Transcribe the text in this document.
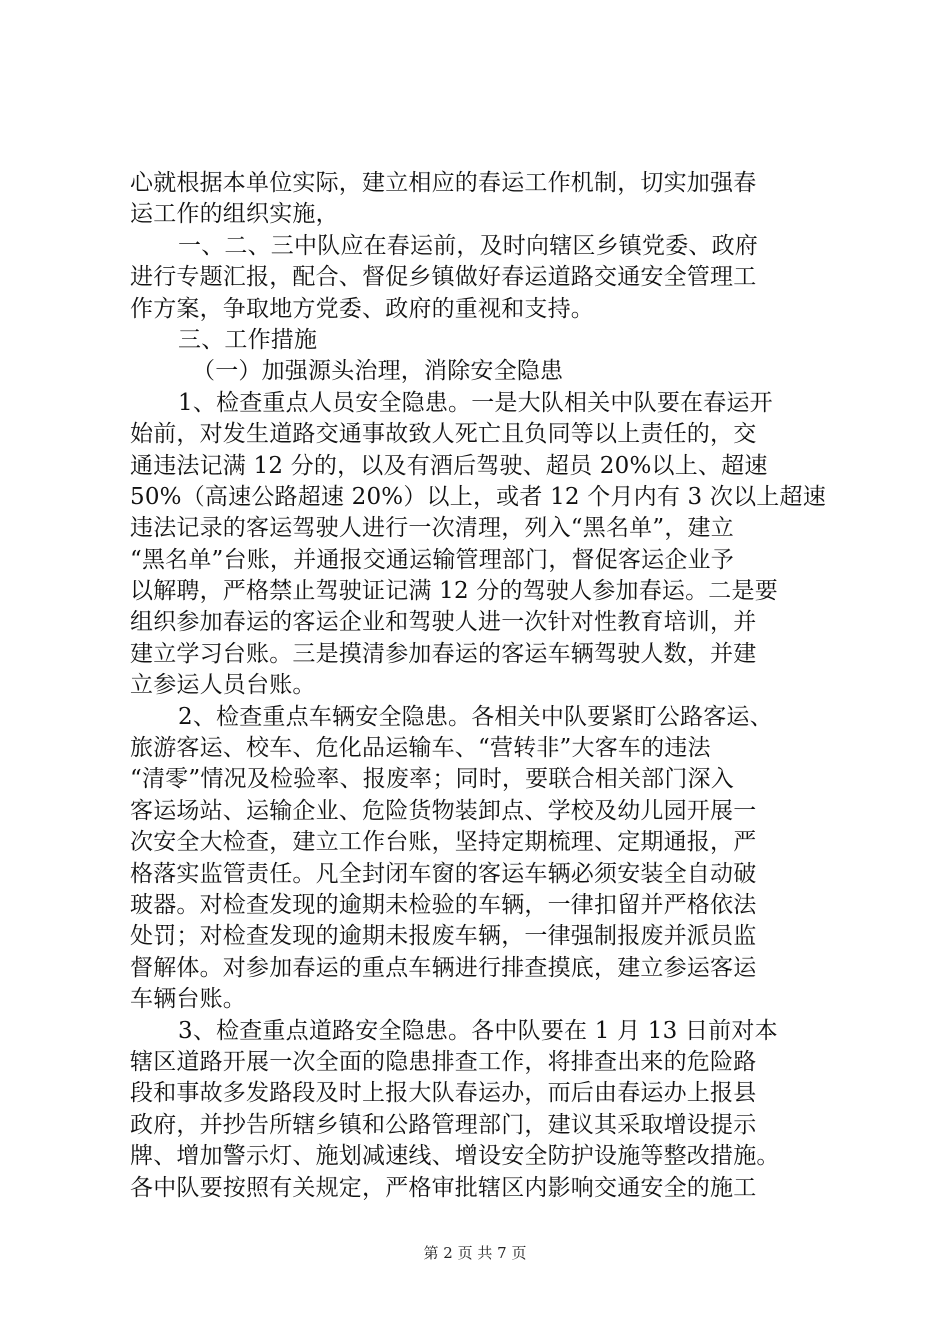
心就根据本单位实际，建立相应的春运工作机制，切实加强春
运工作的组织实施，
一、二、三中队应在春运前，及时向辖区乡镇党委、政府
进行专题汇报，配合、督促乡镇做好春运道路交通安全管理工
作方案，争取地方党委、政府的重视和支持。
三、工作措施
（一）加强源头治理，消除安全隐患
1、检查重点人员安全隐患。一是大队相关中队要在春运开
始前，对发生道路交通事故致人死亡且负同等以上责任的，交
通违法记满 12 分的，以及有酒后驾驶、超员 20%以上、超速
50%（高速公路超速 20%）以上，或者 12 个月内有 3 次以上超速
违法记录的客运驾驶人进行一次清理，列入“黑名单”，建立
“黑名单”台账，并通报交通运输管理部门，督促客运企业予
以解聘，严格禁止驾驶证记满 12 分的驾驶人参加春运。二是要
组织参加春运的客运企业和驾驶人进一次针对性教育培训，并
建立学习台账。三是摸清参加春运的客运车辆驾驶人数，并建
立参运人员台账。
2、检查重点车辆安全隐患。各相关中队要紧盯公路客运、
旅游客运、校车、危化品运输车、“营转非”大客车的违法
“清零”情况及检验率、报废率；同时，要联合相关部门深入
客运场站、运输企业、危险货物装卸点、学校及幼儿园开展一
次安全大检查，建立工作台账，坚持定期梳理、定期通报，严
格落实监管责任。凡全封闭车窗的客运车辆必须安装全自动破
玻器。对检查发现的逾期未检验的车辆，一律扣留并严格依法
处罚；对检查发现的逾期未报废车辆，一律强制报废并派员监
督解体。对参加春运的重点车辆进行排查摸底，建立参运客运
车辆台账。
3、检查重点道路安全隐患。各中队要在 1 月 13 日前对本
辖区道路开展一次全面的隐患排查工作，将排查出来的危险路
段和事故多发路段及时上报大队春运办，而后由春运办上报县
政府，并抄告所辖乡镇和公路管理部门，建议其采取增设提示
牌、增加警示灯、施划减速线、增设安全防护设施等整改措施。
各中队要按照有关规定，严格审批辖区内影响交通安全的施工
第 2 页 共 7 页
